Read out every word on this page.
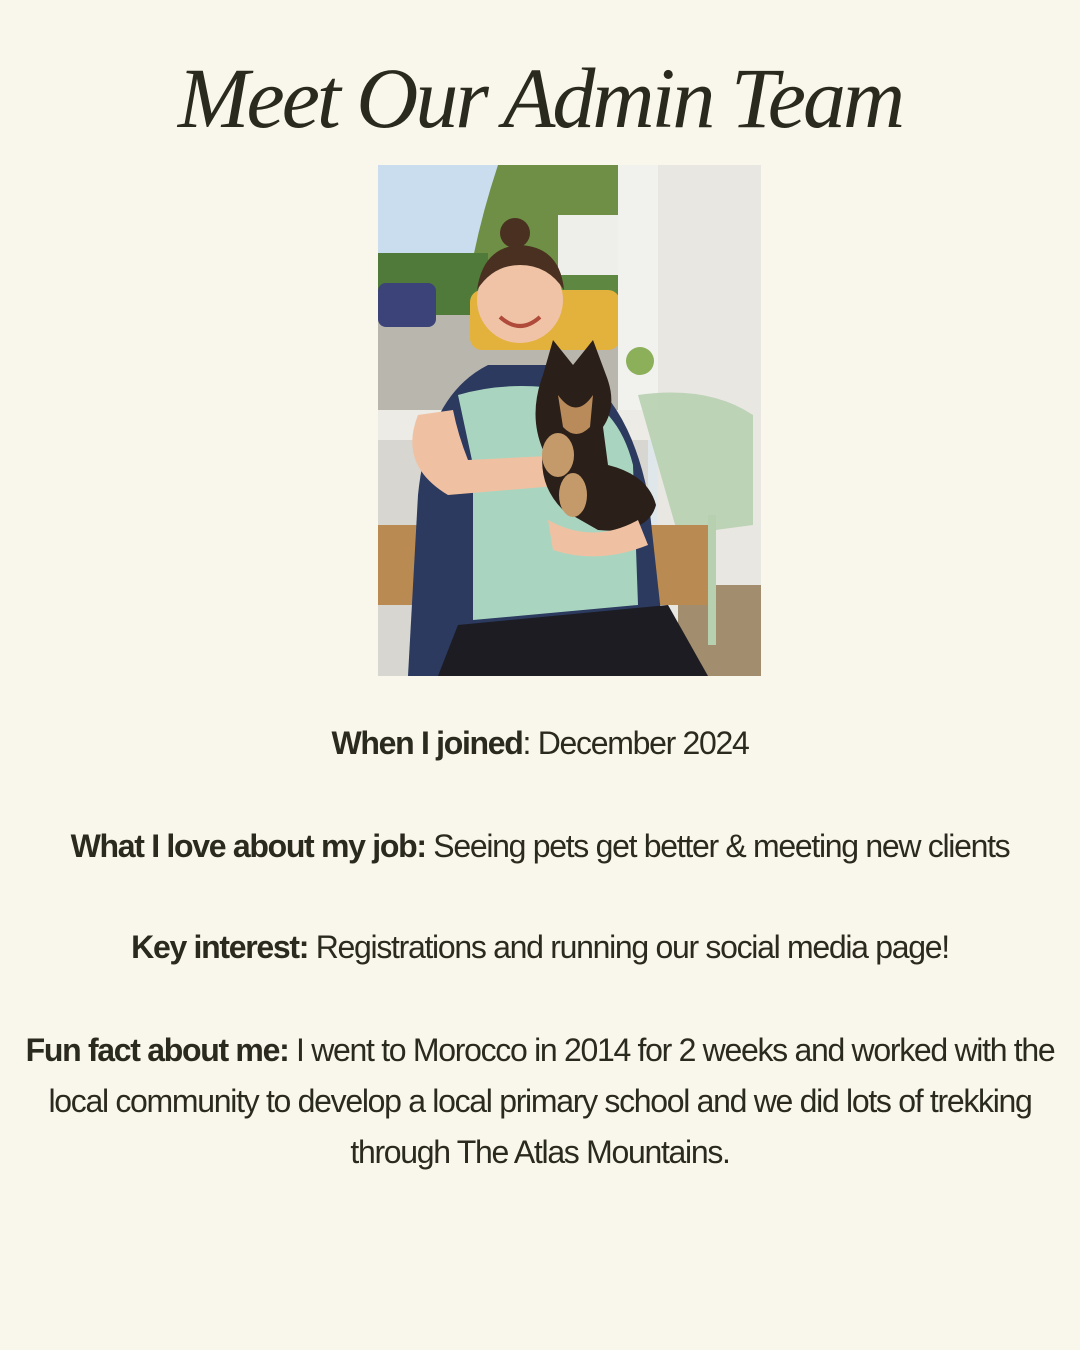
Meet Our Admin Team

When I joined: December 2024

What I love about my job: Seeing pets get better & meeting new clients

Key interest: Registrations and running our social media page!

Fun fact about me: I went to Morocco in 2014 for 2 weeks and worked with the local community to develop a local primary school and we did lots of trekking through The Atlas Mountains.
